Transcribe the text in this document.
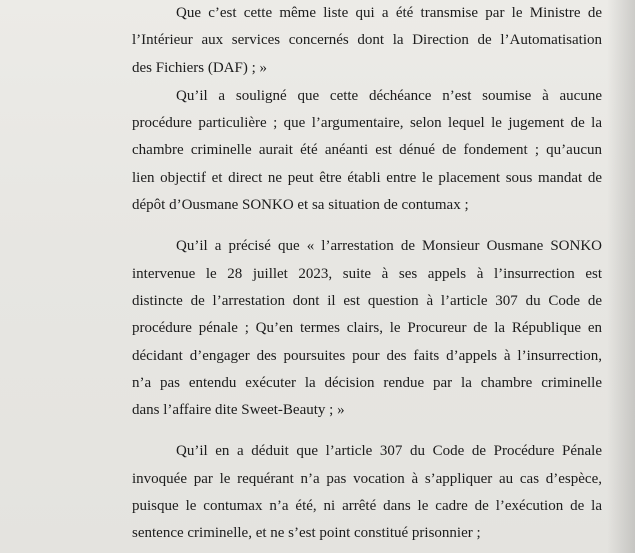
Que c’est cette même liste qui a été transmise par le Ministre de
l’Intérieur aux services concernés dont la Direction de l’Automatisation
des Fichiers (DAF) ; »
Qu’il a souligné que cette déchéance n’est soumise à aucune
procédure particulière ; que l’argumentaire, selon lequel le jugement de la
chambre criminelle aurait été anéanti est dénué de fondement ; qu’aucun
lien objectif et direct ne peut être établi entre le placement sous mandat de
dépôt d’Ousmane SONKO et sa situation de contumax ;
Qu’il a précisé que « l’arrestation de Monsieur Ousmane SONKO
intervenue le 28 juillet 2023, suite à ses appels à l’insurrection est
distincte de l’arrestation dont il est question à l’article 307 du Code de
procédure pénale ; Qu’en termes clairs, le Procureur de la République en
décidant d’engager des poursuites pour des faits d’appels à l’insurrection,
n’a pas entendu exécuter la décision rendue par la chambre criminelle
dans l’affaire dite Sweet-Beauty ; »
Qu’il en a déduit que l’article 307 du Code de Procédure Pénale
invoquée par le requérant n’a pas vocation à s’appliquer au cas d’espèce,
puisque le contumax n’a été, ni arrêté dans le cadre de l’exécution de la
sentence criminelle, et ne s’est point constitué prisonnier ;
